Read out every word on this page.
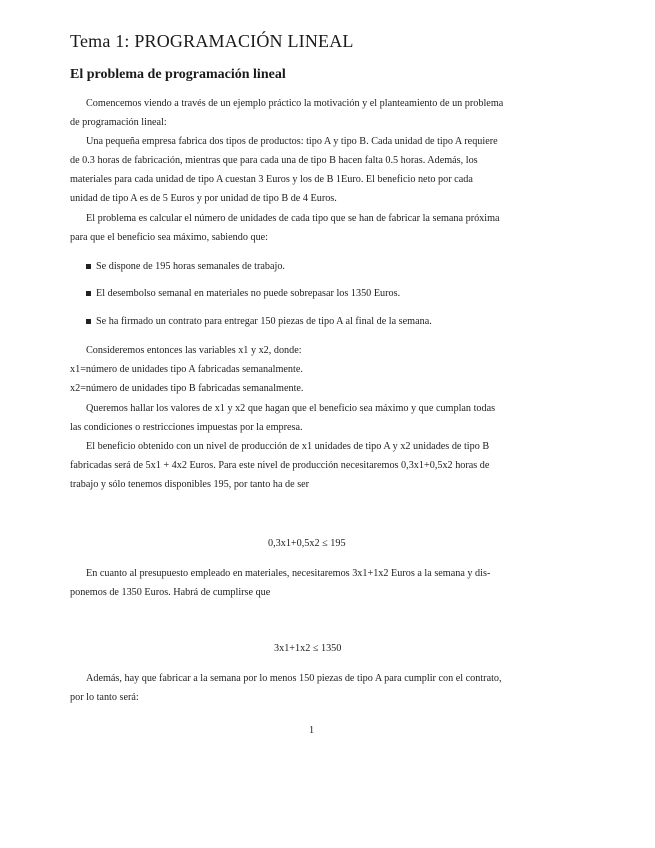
Tema 1: PROGRAMACIÓN LINEAL
El problema de programación lineal
Comencemos viendo a través de un ejemplo práctico la motivación y el planteamiento de un problema
de programación lineal:
Una pequeña empresa fabrica dos tipos de productos: tipo A y tipo B. Cada unidad de tipo A requiere
de 0.3 horas de fabricación, mientras que para cada una de tipo B hacen falta 0.5 horas. Además, los
materiales para cada unidad de tipo A cuestan 3 Euros y los de B 1Euro. El beneficio neto por cada
unidad de tipo A es de 5 Euros y por unidad de tipo B de 4 Euros.
El problema es calcular el número de unidades de cada tipo que se han de fabricar la semana próxima
para que el beneficio sea máximo, sabiendo que:
Se dispone de 195 horas semanales de trabajo.
El desembolso semanal en materiales no puede sobrepasar los 1350 Euros.
Se ha firmado un contrato para entregar 150 piezas de tipo A al final de la semana.
Consideremos entonces las variables x1 y x2, donde:
x1=número de unidades tipo A fabricadas semanalmente.
x2=número de unidades tipo B fabricadas semanalmente.
Queremos hallar los valores de x1 y x2 que hagan que el beneficio sea máximo y que cumplan todas
las condiciones o restricciones impuestas por la empresa.
El beneficio obtenido con un nivel de producción de x1 unidades de tipo A y x2 unidades de tipo B
fabricadas será de 5x1 + 4x2 Euros. Para este nivel de producción necesitaremos 0,3x1+0,5x2 horas de
trabajo y sólo tenemos disponibles 195, por tanto ha de ser
0,3x1+0,5x2 ≤ 195
En cuanto al presupuesto empleado en materiales, necesitaremos 3x1+1x2 Euros a la semana y dis-
ponemos de 1350 Euros. Habrá de cumplirse que
3x1+1x2 ≤ 1350
Además, hay que fabricar a la semana por lo menos 150 piezas de tipo A para cumplir con el contrato,
por lo tanto será:
1
